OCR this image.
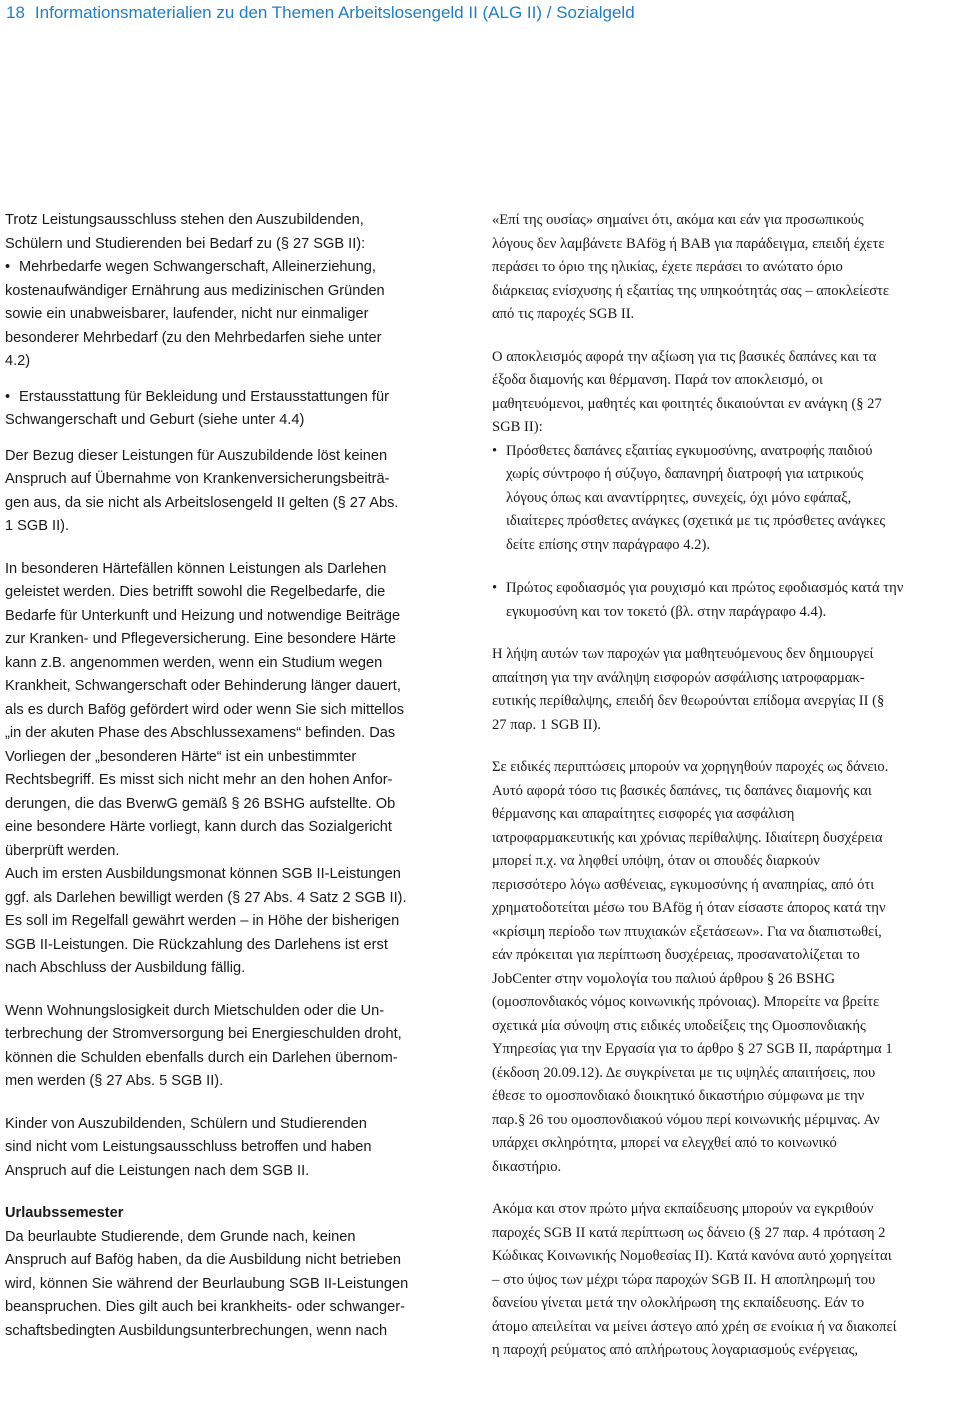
18 Informationsmaterialien zu den Themen Arbeitslosengeld II (ALG II) / Sozialgeld

Trotz Leistungsausschluss stehen den Auszubildenden,
Schülern und Studierenden bei Bedarf zu (§ 27 SGB II):

• Mehrbedarfe wegen Schwangerschaft, Alleinerziehung,
kostenaufwändiger Ernährung aus medizinischen Gründen
sowie ein unabweisbarer, laufender, nicht nur einmaliger
besonderer Mehrbedarf (zu den Mehrbedarfen siehe unter
4.2)

• Erstausstattung für Bekleidung und Erstausstattungen für
Schwangerschaft und Geburt (siehe unter 4.4)

Der Bezug dieser Leistungen für Auszubildende löst keinen
Anspruch auf Übernahme von Krankenversicherungsbeiträ-
gen aus, da sie nicht als Arbeitslosengeld II gelten (§ 27 Abs.
1 SGB II).

In besonderen Härtefällen können Leistungen als Darlehen
geleistet werden. Dies betrifft sowohl die Regelbedarfe, die
Bedarfe für Unterkunft und Heizung und notwendige Beiträge
zur Kranken- und Pflegeversicherung. Eine besondere Härte
kann z.B. angenommen werden, wenn ein Studium wegen
Krankheit, Schwangerschaft oder Behinderung länger dauert,
als es durch Bafög gefördert wird oder wenn Sie sich mittellos
„in der akuten Phase des Abschlussexamens“ befinden. Das
Vorliegen der „besonderen Härte“ ist ein unbestimmter
Rechtsbegriff. Es misst sich nicht mehr an den hohen Anfor-
derungen, die das BverwG gemäß § 26 BSHG aufstellte. Ob
eine besondere Härte vorliegt, kann durch das Sozialgericht
überprüft werden.
Auch im ersten Ausbildungsmonat können SGB II-Leistungen
ggf. als Darlehen bewilligt werden (§ 27 Abs. 4 Satz 2 SGB II).
Es soll im Regelfall gewährt werden – in Höhe der bisherigen
SGB II-Leistungen. Die Rückzahlung des Darlehens ist erst
nach Abschluss der Ausbildung fällig.

Wenn Wohnungslosigkeit durch Mietschulden oder die Un-
terbrechung der Stromversorgung bei Energieschulden droht,
können die Schulden ebenfalls durch ein Darlehen übernom-
men werden (§ 27 Abs. 5 SGB II).

Kinder von Auszubildenden, Schülern und Studierenden
sind nicht vom Leistungsausschluss betroffen und haben
Anspruch auf die Leistungen nach dem SGB II.

Urlaubssemester

Da beurlaubte Studierende, dem Grunde nach, keinen
Anspruch auf Bafög haben, da die Ausbildung nicht betrieben
wird, können Sie während der Beurlaubung SGB II-Leistungen
beanspruchen. Dies gilt auch bei krankheits- oder schwanger-
schaftsbedingten Ausbildungsunterbrechungen, wenn nach

«Επί της ουσίας» σημαίνει ότι, ακόμα και εάν για προσωπικούς
λόγους δεν λαμβάνετε BAfög ή BAB για παράδειγμα, επειδή έχετε
περάσει το όριο της ηλικίας, έχετε περάσει το ανώτατο όριο
διάρκειας ενίσχυσης ή εξαιτίας της υπηκοότητάς σας – αποκλείεστε
από τις παροχές SGB II.

Ο αποκλεισμός αφορά την αξίωση για τις βασικές δαπάνες και τα
έξοδα διαμονής και θέρμανση. Παρά τον αποκλεισμό, οι
μαθητευόμενοι, μαθητές και φοιτητές δικαιούνται εν ανάγκη (§ 27
SGB II):

• Πρόσθετες δαπάνες εξαιτίας εγκυμοσύνης, ανατροφής παιδιού
χωρίς σύντροφο ή σύζυγο, δαπανηρή διατροφή για ιατρικούς
λόγους όπως και αναντίρρητες, συνεχείς, όχι μόνο εφάπαξ,
ιδιαίτερες πρόσθετες ανάγκες (σχετικά με τις πρόσθετες ανάγκες
δείτε επίσης στην παράγραφο 4.2).

• Πρώτος εφοδιασμός για ρουχισμό και πρώτος εφοδιασμός κατά την
εγκυμοσύνη και τον τοκετό (βλ. στην παράγραφο 4.4).

Η λήψη αυτών των παροχών για μαθητευόμενους δεν δημιουργεί
απαίτηση για την ανάληψη εισφορών ασφάλισης ιατροφαρμακ-
ευτικής περίθαλψης, επειδή δεν θεωρούνται επίδομα ανεργίας II (§
27 παρ. 1 SGB II).

Σε ειδικές περιπτώσεις μπορούν να χορηγηθούν παροχές ως δάνειο.
Αυτό αφορά τόσο τις βασικές δαπάνες, τις δαπάνες διαμονής και
θέρμανσης και απαραίτητες εισφορές για ασφάλιση
ιατροφαρμακευτικής και χρόνιας περίθαλψης. Ιδιαίτερη δυσχέρεια
μπορεί π.χ. να ληφθεί υπόψη, όταν οι σπουδές διαρκούν
περισσότερο λόγω ασθένειας, εγκυμοσύνης ή αναπηρίας, από ότι
χρηματοδοτείται μέσω του BAfög ή όταν είσαστε άπορος κατά την
«κρίσιμη περίοδο των πτυχιακών εξετάσεων». Για να διαπιστωθεί,
εάν πρόκειται για περίπτωση δυσχέρειας, προσανατολίζεται το
JobCenter στην νομολογία του παλιού άρθρου § 26 BSHG
(ομοσπονδιακός νόμος κοινωνικής πρόνοιας). Μπορείτε να βρείτε
σχετικά μία σύνοψη στις ειδικές υποδείξεις της Ομοσπονδιακής
Υπηρεσίας για την Εργασία για το άρθρο § 27 SGB II, παράρτημα 1
(έκδοση 20.09.12). Δε συγκρίνεται με τις υψηλές απαιτήσεις, που
έθεσε το ομοσπονδιακό διοικητικό δικαστήριο σύμφωνα με την
παρ.§ 26 του ομοσπονδιακού νόμου περί κοινωνικής μέριμνας. Αν
υπάρχει σκληρότητα, μπορεί να ελεγχθεί από το κοινωνικό
δικαστήριο.

Ακόμα και στον πρώτο μήνα εκπαίδευσης μπορούν να εγκριθούν
παροχές SGB II κατά περίπτωση ως δάνειο (§ 27 παρ. 4 πρόταση 2
Κώδικας Κοινωνικής Νομοθεσίας II). Κατά κανόνα αυτό χορηγείται
– στο ύψος των μέχρι τώρα παροχών SGB II. Η αποπληρωμή του
δανείου γίνεται μετά την ολοκλήρωση της εκπαίδευσης. Εάν το
άτομο απειλείται να μείνει άστεγο από χρέη σε ενοίκια ή να διακοπεί
η παροχή ρεύματος από απλήρωτους λογαριασμούς ενέργειας,
